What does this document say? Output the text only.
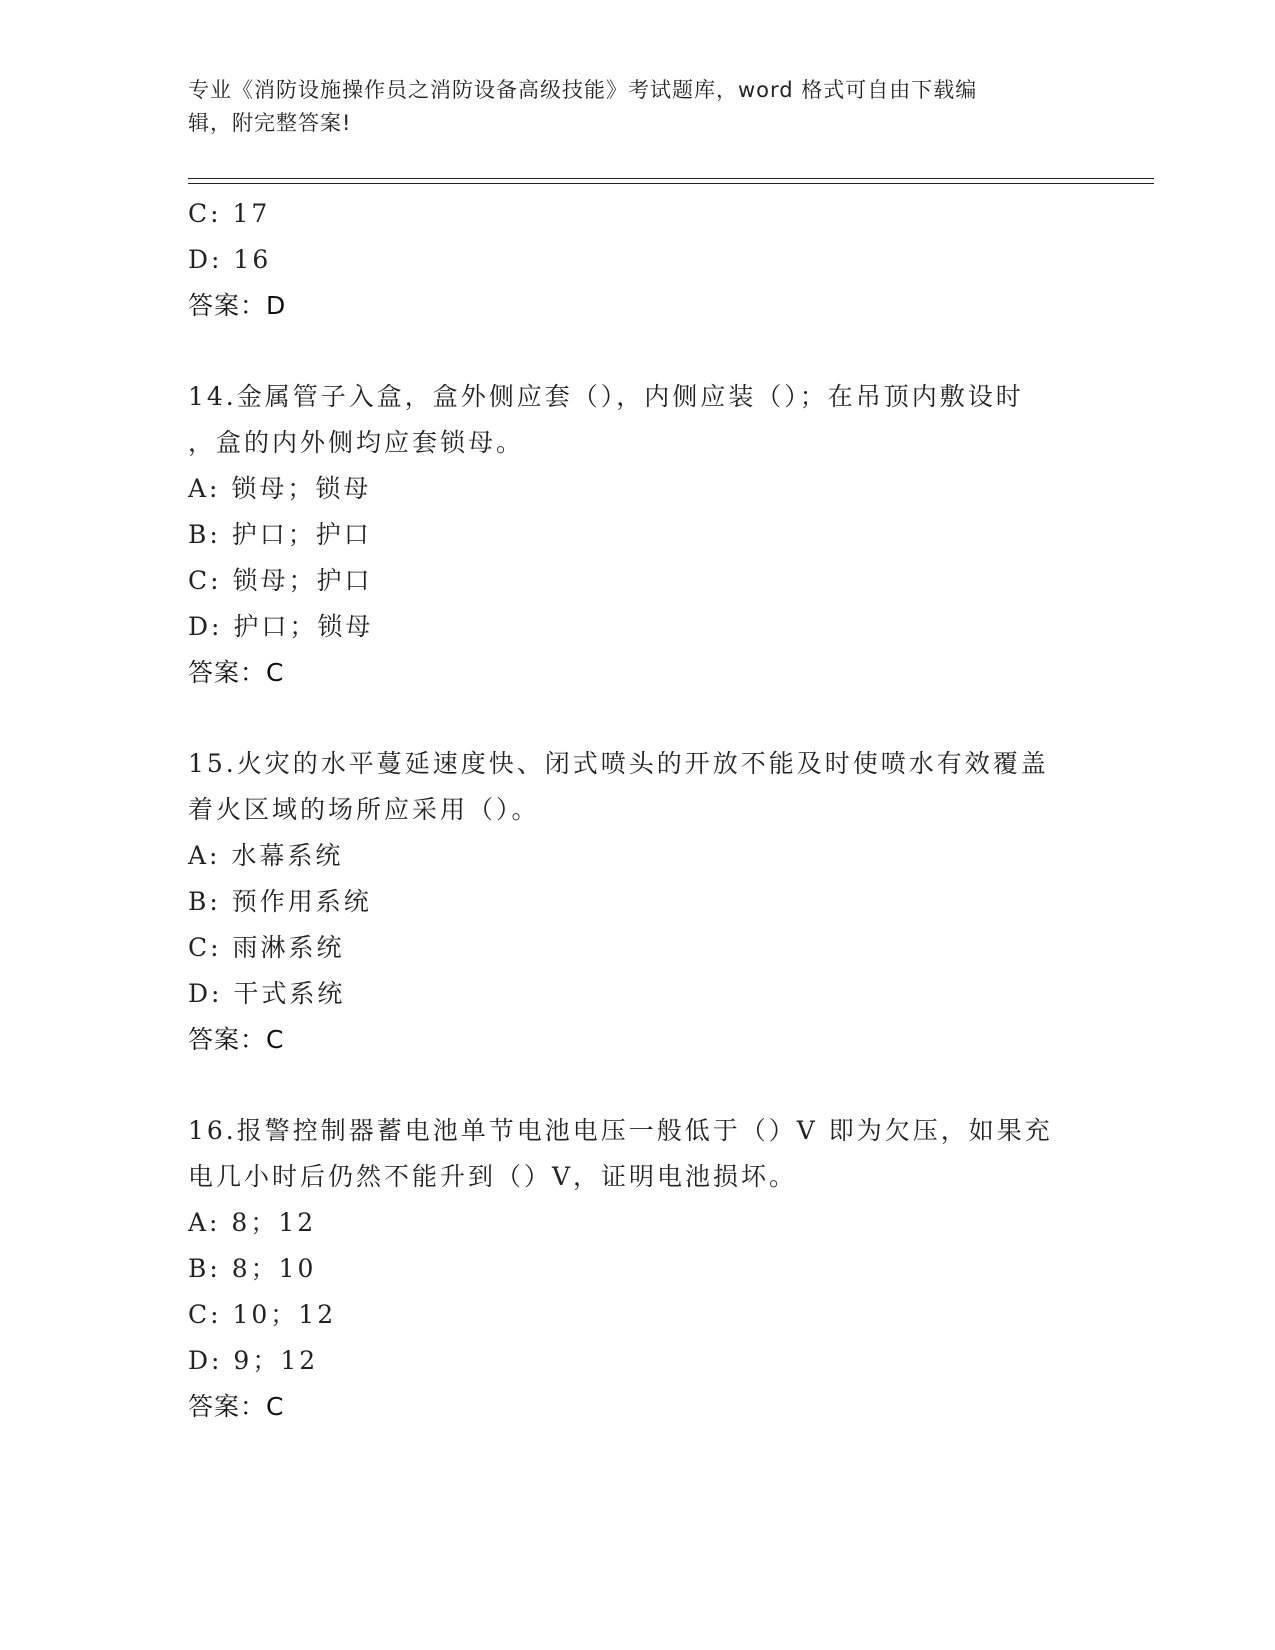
专业《消防设施操作员之消防设备高级技能》考试题库，word 格式可自由下载编
辑，附完整答案!
C: 17
D: 16
答案：D
14.金属管子入盒，盒外侧应套（），内侧应装（）；在吊顶内敷设时
，盒的内外侧均应套锁母。
A: 锁母；锁母
B: 护口；护口
C: 锁母；护口
D: 护口；锁母
答案：C
15.火灾的水平蔓延速度快、闭式喷头的开放不能及时使喷水有效覆盖
着火区域的场所应采用（）。
A: 水幕系统
B: 预作用系统
C: 雨淋系统
D: 干式系统
答案：C
16.报警控制器蓄电池单节电池电压一般低于（）V 即为欠压，如果充
电几小时后仍然不能升到（）V，证明电池损坏。
A: 8；12
B: 8；10
C: 10；12
D: 9；12
答案：C
